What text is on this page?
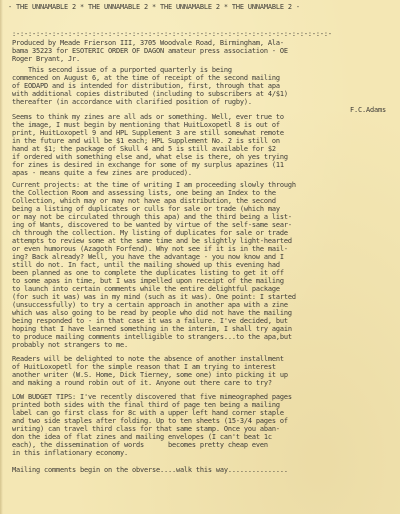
- THE UNNAMABLE 2 * THE UNNAMABLE 2 * THE UNNAMABLE 2 * THE UNNAMABLE 2 -
:-:-:-:-:-:-:-:-:-:-:-:-:-:-:-:-:-:-:-:-:-:-:-:-:-:-:-:-:-:-:-:-:-:-:-:-:-:-:-:-
Produced by Meade Frierson III, 3705 Woodvale Road, Birmingham, Ala-
bama 35223 for ESOTERIC ORDER OF DAGON amateur press association - OE
Roger Bryant, Jr.
This second issue of a purported quarterly is being
commenced on August 6, at the time of receipt of the second mailing
of EODAPD and is intended for distribution, first, through that apa
with additional copies distributed (including to subscribers at 4/$1)
thereafter (in accordance with clarified position of rugby).
F.C.Adams
Seems to think my zines are all ads or something. Well, ever true to
the image, I must begin by mentioning that HuitLoxopetl 8 is out of
print, HuitLoxopetl 9 and HPL Supplement 3 are still somewhat remote
in the future and will be $1 each; HPL Supplement No. 2 is still on
hand at $1; the package of Skull 4 and 5 is still available for $2
if ordered with something else and, what else is there, oh yes trying
for zines is desired in exchange for some of my surplus apazines (11
apas - means quite a few zines are produced).
Current projects: at the time of writing I am proceeding slowly through
the Collection Room and assessing lists, one being an Index to the
Collection, which may or may not have apa distribution, the second
being a listing of duplicates or culls for sale or trade (which may
or may not be circulated through this apa) and the third being a list-
ing of Wants, discovered to be wanted by virtue of the self-same sear-
ch through the collection. My listing of duplicates for sale or trade
attempts to review some at the same time and be slightly light-hearted
or even humorous (Azagoth Forfend). Why not see if it is in the mail-
ing? Back already? Well, you have the advantage - you now know and I
still do not. In fact, until the mailing showed up this evening had
been planned as one to complete the duplicates listing to get it off
to some apas in time, but I was impelled upon receipt of the mailing
to launch into certain comments while the entire delightful package
(for such it was) was in my mind (such as it was). One point: I started
(unsuccessfully) to try a certain approach in another apa with a zine
which was also going to be read by people who did not have the mailing
being responded to - in that case it was a failure. I've decided, but
hoping that I have learned something in the interim, I shall try again
to produce mailing comments intelligible to strangers...to the apa,but
probably not strangers to me.
Readers will be delighted to note the absence of another installment
of HuitLoxopetl for the simple reason that I am trying to interest
another writer (W.S. Home, Dick Tierney, some one) into picking it up
and making a round robin out of it. Anyone out there care to try?
LOW BUDGET TIPS: I've recently discovered that five mimeographed pages
printed both sides with the final third of page ten being a mailing
label can go first class for 8c with a upper left hand corner staple
and two side staples after folding. Up to ten sheets (15-3/4 pages of
writing) can travel third class for that same stamp. Once you aban-
don the idea of flat zines and mailing envelopes (I can't beat 1c
each), the dissemination of words      becomes pretty cheap even
in this inflationary economy.
Mailing comments begin on the obverse....walk this way...............
